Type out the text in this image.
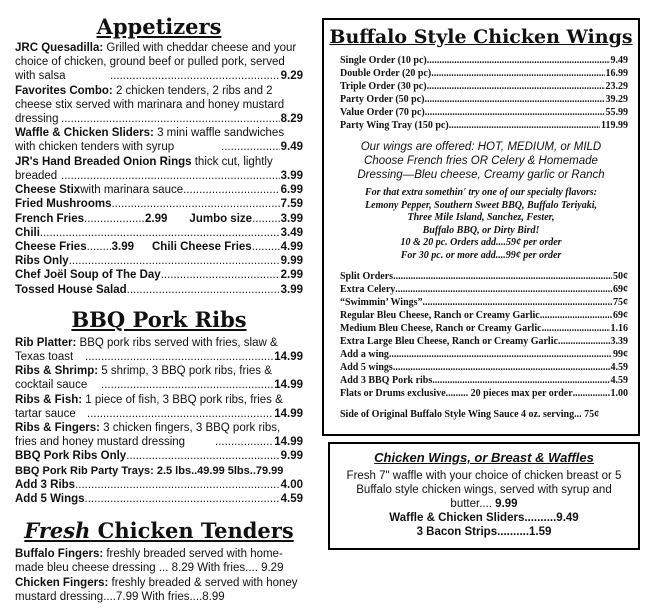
Appetizers
JRC Quesadilla: Grilled with cheddar cheese and your choice of chicken, ground beef or pulled pork, served with salsa .....	9.29
Favorites Combo: 2 chicken tenders, 2 ribs and 2 cheese stix served with marinara and honey mustard dressing .....	8.29
Waffle & Chicken Sliders: 3 mini waffle sandwiches with chicken tenders with syrup .....	9.49
JR's Hand Breaded Onion Rings thick cut, lightly breaded .....	3.99
Cheese Stix with marinara sauce .....	6.99
Fried Mushrooms .....	7.59
French Fries .....	2.99 Jumbo size ..... 3.99
Chili .....	3.49
Cheese Fries ..... 3.99 Chili Cheese Fries .....	4.99
Ribs Only .....	9.99
Chef Joël Soup of The Day .....	2.99
Tossed House Salad .....	3.99
BBQ Pork Ribs
Rib Platter: BBQ pork ribs served with fries, slaw & Texas toast .....	14.99
Ribs & Shrimp: 5 shrimp, 3 BBQ pork ribs, fries & cocktail sauce .....	14.99
Ribs & Fish: 1 piece of fish, 3 BBQ pork ribs, fries & tartar sauce .....	14.99
Ribs & Fingers: 3 chicken fingers, 3 BBQ pork ribs, fries and honey mustard dressing .....	14.99
BBQ Pork Ribs Only .....	9.99
BBQ Pork Rib Party Trays: 2.5 lbs..49.99 5lbs..79.99
Add 3 Ribs .....	4.00
Add 5 Wings .....	4.59
Fresh Chicken Tenders
Buffalo Fingers: freshly breaded served with home-made bleu cheese dressing ... 8.29 With fries.... 9.29
Chicken Fingers: freshly breaded & served with honey mustard dressing....7.99 With fries....8.99
Buffalo Style Chicken Wings
Single Order (10 pc) .....	9.49
Double Order (20 pc) .....	16.99
Triple Order (30 pc) .....	23.29
Party Order (50 pc) .....	39.29
Value Order (70 pc) .....	55.99
Party Wing Tray (150 pc) .....	119.99
Our wings are offered: HOT, MEDIUM, or MILD
Choose French fries OR Celery & Homemade
Dressing—Bleu cheese, Creamy garlic or Ranch
For that extra somethin' try one of our specialty flavors:
Lemony Pepper, Southern Sweet BBQ, Buffalo Teriyaki,
Three Mile Island, Sanchez, Fester,
Buffalo BBQ, or Dirty Bird!
10 & 20 pc. Orders add....59¢ per order
For 30 pc. or more add....99¢ per order
Split Orders .....	50¢
Extra Celery .....	69¢
“Swimmin’ Wings” .....	75¢
Regular Bleu Cheese, Ranch or Creamy Garlic .....	69¢
Medium Bleu Cheese, Ranch or Creamy Garlic .....	1.16
Extra Large Bleu Cheese, Ranch or Creamy Garlic .....	3.39
Add a wing .....	99¢
Add 5 wings .....	4.59
Add 3 BBQ Pork ribs .....	4.59
Flats or Drums exclusive......... 20 pieces max per order .....	1.00
Side of Original Buffalo Style Wing Sauce 4 oz. serving... 75¢
Chicken Wings, or Breast & Waffles
Fresh 7" waffle with your choice of chicken breast or 5 Buffalo style chicken wings, served with syrup and butter.... 9.99
Waffle & Chicken Sliders..........9.49
3 Bacon Strips..........1.59
